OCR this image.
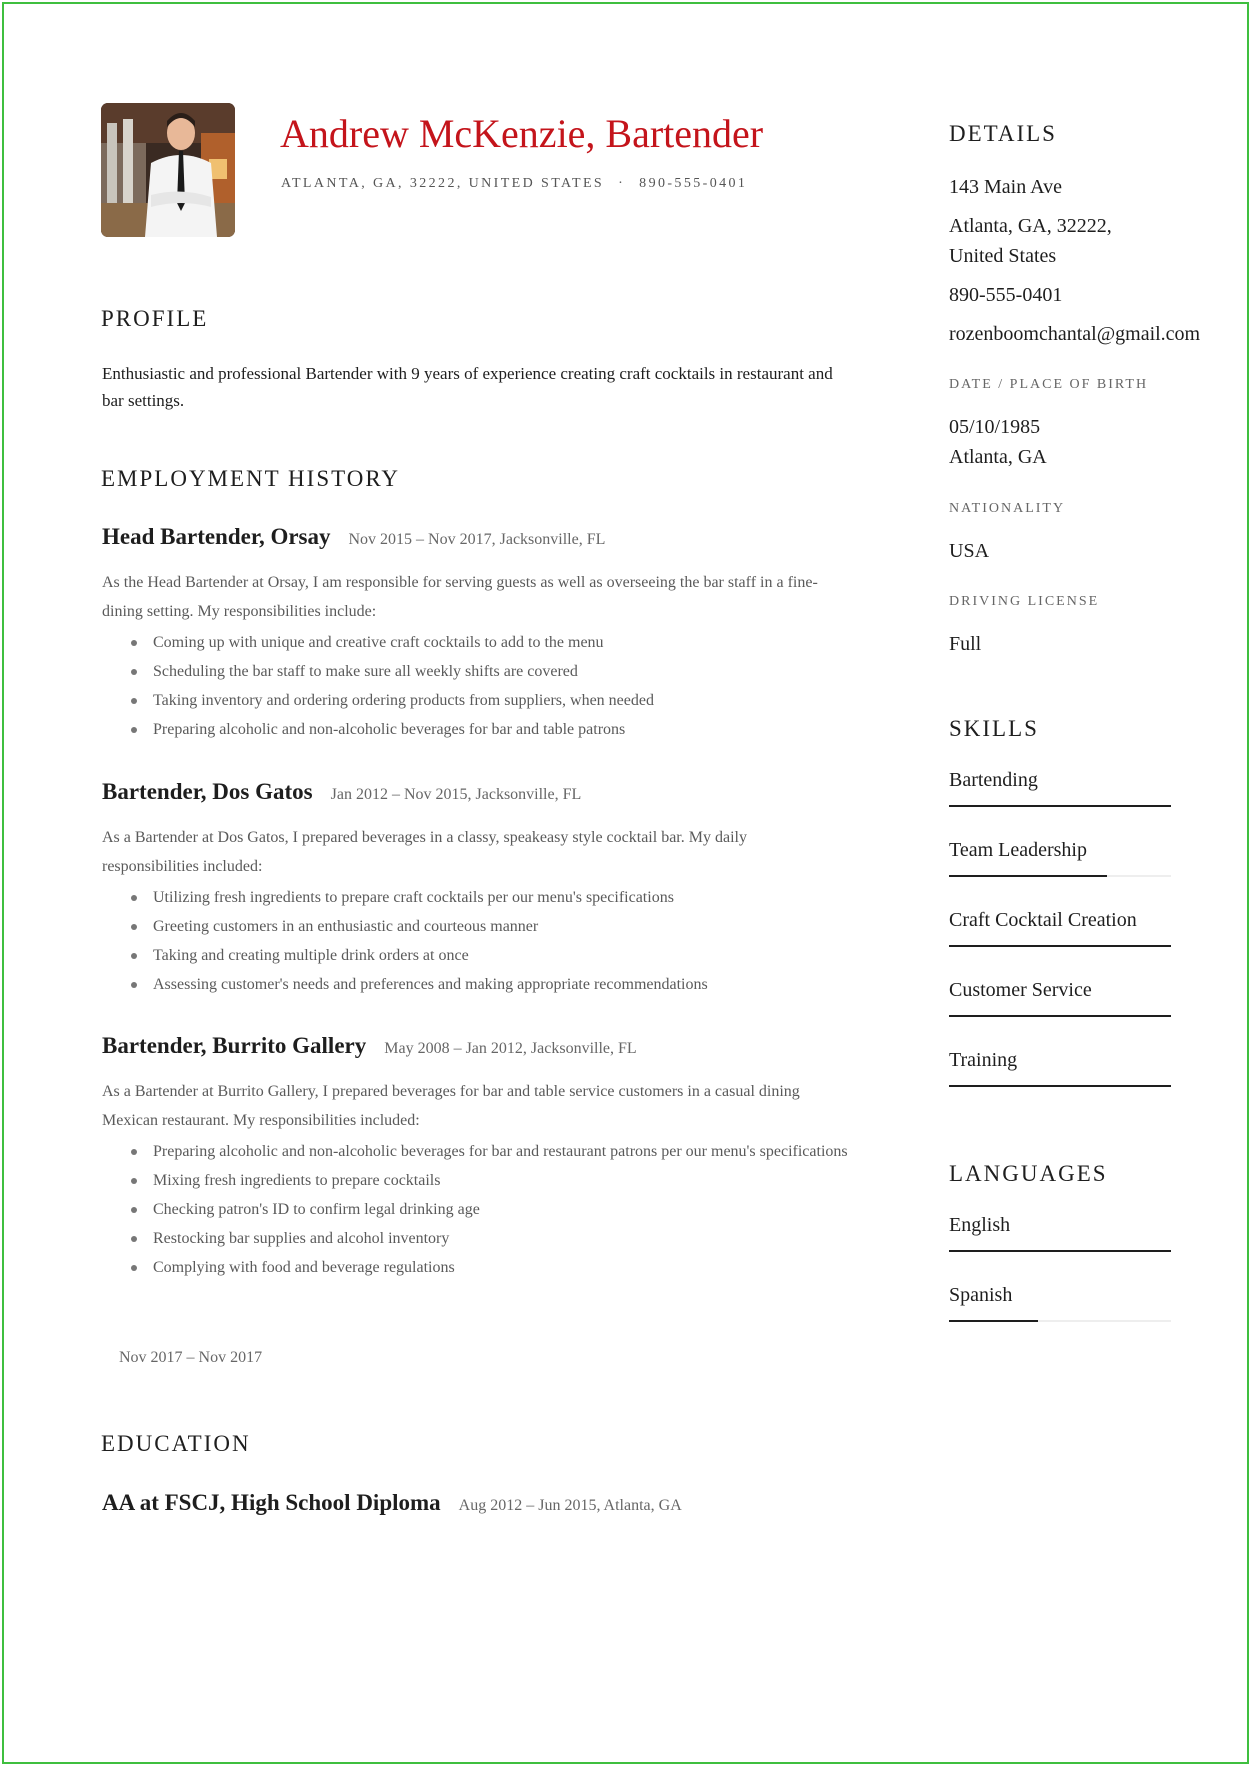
Andrew McKenzie, Bartender
ATLANTA, GA, 32222, UNITED STATES · 890-555-0401
PROFILE

Enthusiastic and professional Bartender with 9 years of experience creating craft cocktails in restaurant and bar settings.

EMPLOYMENT HISTORY
Head Bartender, Orsay Nov 2015 – Nov 2017, Jacksonville, FL

As the Head Bartender at Orsay, I am responsible for serving guests as well as overseeing the bar staff in a fine-dining setting. My responsibilities include:

Coming up with unique and creative craft cocktails to add to the menu
Scheduling the bar staff to make sure all weekly shifts are covered
Taking inventory and ordering ordering products from suppliers, when needed
Preparing alcoholic and non-alcoholic beverages for bar and table patrons
Bartender, Dos Gatos Jan 2012 – Nov 2015, Jacksonville, FL

As a Bartender at Dos Gatos, I prepared beverages in a classy, speakeasy style cocktail bar. My daily responsibilities included:

Utilizing fresh ingredients to prepare craft cocktails per our menu's specifications
Greeting customers in an enthusiastic and courteous manner
Taking and creating multiple drink orders at once
Assessing customer's needs and preferences and making appropriate recommendations
Bartender, Burrito Gallery May 2008 – Jan 2012, Jacksonville, FL

As a Bartender at Burrito Gallery, I prepared beverages for bar and table service customers in a casual dining Mexican restaurant. My responsibilities included:

Preparing alcoholic and non-alcoholic beverages for bar and restaurant patrons per our menu's specifications
Mixing fresh ingredients to prepare cocktails
Checking patron's ID to confirm legal drinking age
Restocking bar supplies and alcohol inventory
Complying with food and beverage regulations
Nov 2017 – Nov 2017
EDUCATION
AA at FSCJ, High School Diploma Aug 2012 – Jun 2015, Atlanta, GA
DETAILS
143 Main Ave
Atlanta, GA, 32222,
United States
890-555-0401
rozenboomchantal@gmail.com
DATE / PLACE OF BIRTH
05/10/1985
Atlanta, GA
NATIONALITY
USA
DRIVING LICENSE
Full
SKILLS
Bartending
Team Leadership
Craft Cocktail Creation
Customer Service
Training
LANGUAGES
English
Spanish
